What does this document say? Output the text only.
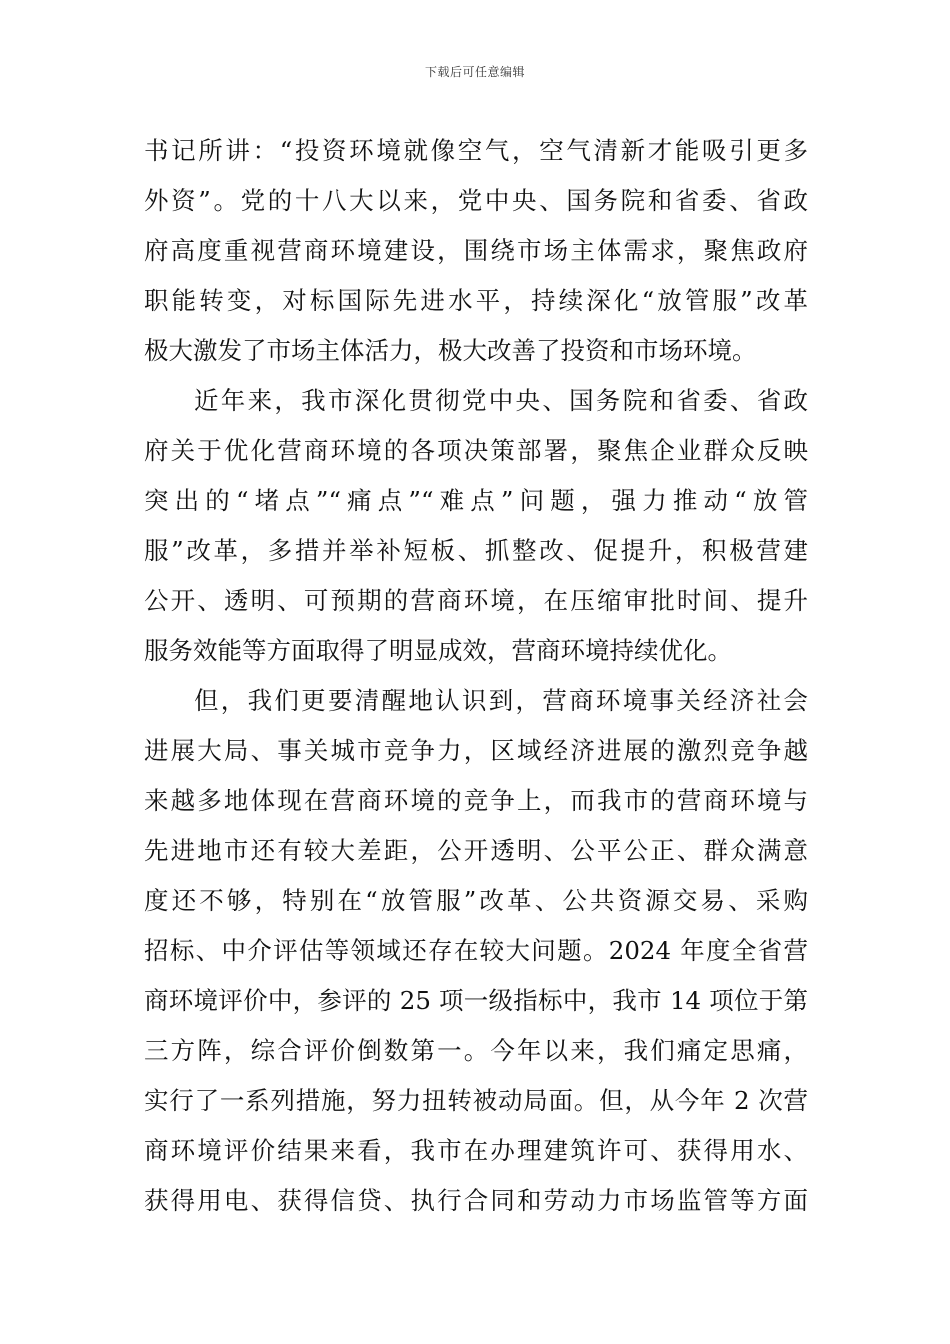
下载后可任意编辑
书记所讲：“投资环境就像空气，空气清新才能吸引更多
外资”。党的十八大以来，党中央、国务院和省委、省政
府高度重视营商环境建设，围绕市场主体需求，聚焦政府
职能转变，对标国际先进水平，持续深化“放管服”改革
极大激发了市场主体活力，极大改善了投资和市场环境。
近年来，我市深化贯彻党中央、国务院和省委、省政
府关于优化营商环境的各项决策部署，聚焦企业群众反映
突出的“堵点”“痛点”“难点”问题，强力推动“放管
服”改革，多措并举补短板、抓整改、促提升，积极营建
公开、透明、可预期的营商环境，在压缩审批时间、提升
服务效能等方面取得了明显成效，营商环境持续优化。
但，我们更要清醒地认识到，营商环境事关经济社会
进展大局、事关城市竞争力，区域经济进展的激烈竞争越
来越多地体现在营商环境的竞争上，而我市的营商环境与
先进地市还有较大差距，公开透明、公平公正、群众满意
度还不够，特别在“放管服”改革、公共资源交易、采购
招标、中介评估等领域还存在较大问题。2024 年度全省营
商环境评价中，参评的 25 项一级指标中，我市 14 项位于第
三方阵，综合评价倒数第一。今年以来，我们痛定思痛，
实行了一系列措施，努力扭转被动局面。但，从今年 2 次营
商环境评价结果来看，我市在办理建筑许可、获得用水、
获得用电、获得信贷、执行合同和劳动力市场监管等方面
